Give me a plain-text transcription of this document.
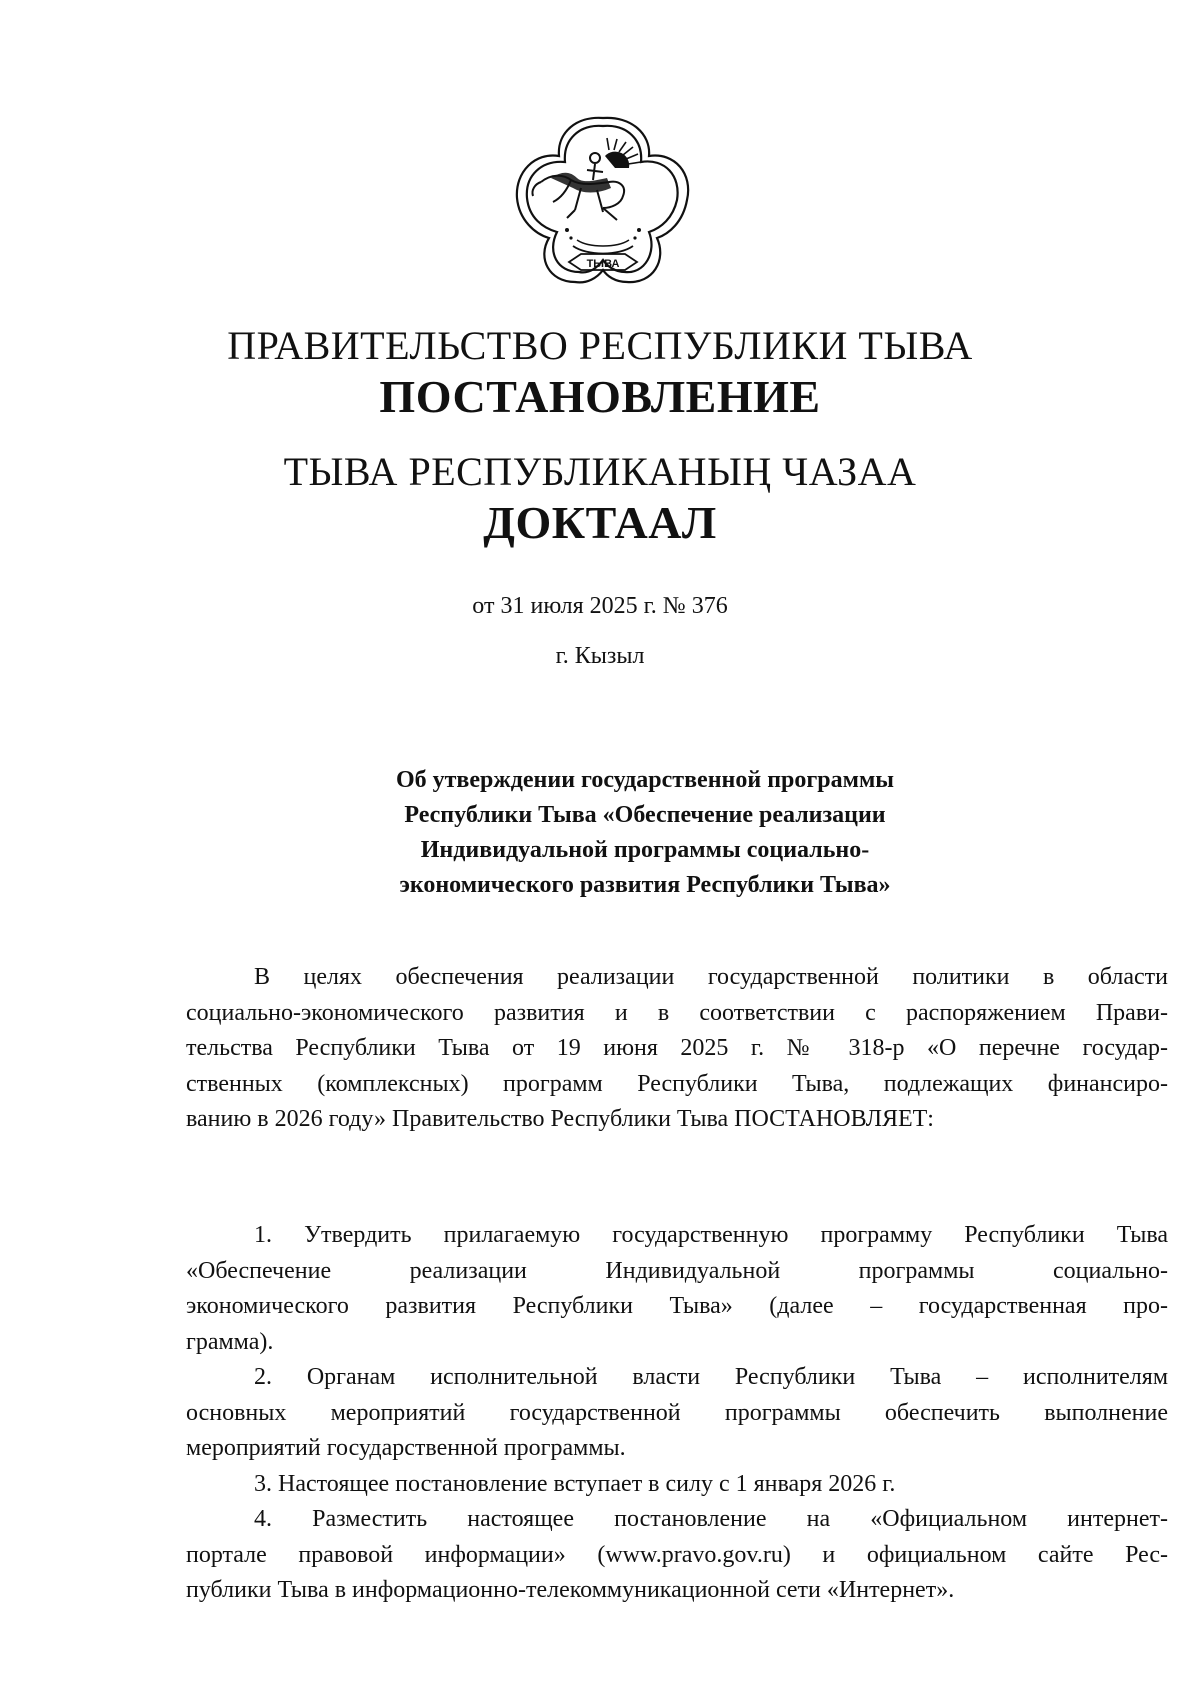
ТЫВА
ПРАВИТЕЛЬСТВО РЕСПУБЛИКИ ТЫВА
ПОСТАНОВЛЕНИЕ
ТЫВА РЕСПУБЛИКАНЫҢ ЧАЗАА
ДОКТААЛ
от 31 июля 2025 г. № 376
г. Кызыл
Об утверждении государственной программы
Республики Тыва «Обеспечение реализации
Индивидуальной программы социально-
экономического развития Республики Тыва»
В целях обеспечения реализации государственной политики в области
социально-экономического развития и в соответствии с распоряжением Прави-
тельства Республики Тыва от 19 июня 2025 г. № 318-р «О перечне государ-
ственных (комплексных) программ Республики Тыва, подлежащих финансиро-
ванию в 2026 году» Правительство Республики Тыва ПОСТАНОВЛЯЕТ:
1. Утвердить прилагаемую государственную программу Республики Тыва
«Обеспечение реализации Индивидуальной программы социально-
экономического развития Республики Тыва» (далее – государственная про-
грамма).
2. Органам исполнительной власти Республики Тыва – исполнителям
основных мероприятий государственной программы обеспечить выполнение
мероприятий государственной программы.
3. Настоящее постановление вступает в силу с 1 января 2026 г.
4. Разместить настоящее постановление на «Официальном интернет-
портале правовой информации» (www.pravo.gov.ru) и официальном сайте Рес-
публики Тыва в информационно-телекоммуникационной сети «Интернет».
